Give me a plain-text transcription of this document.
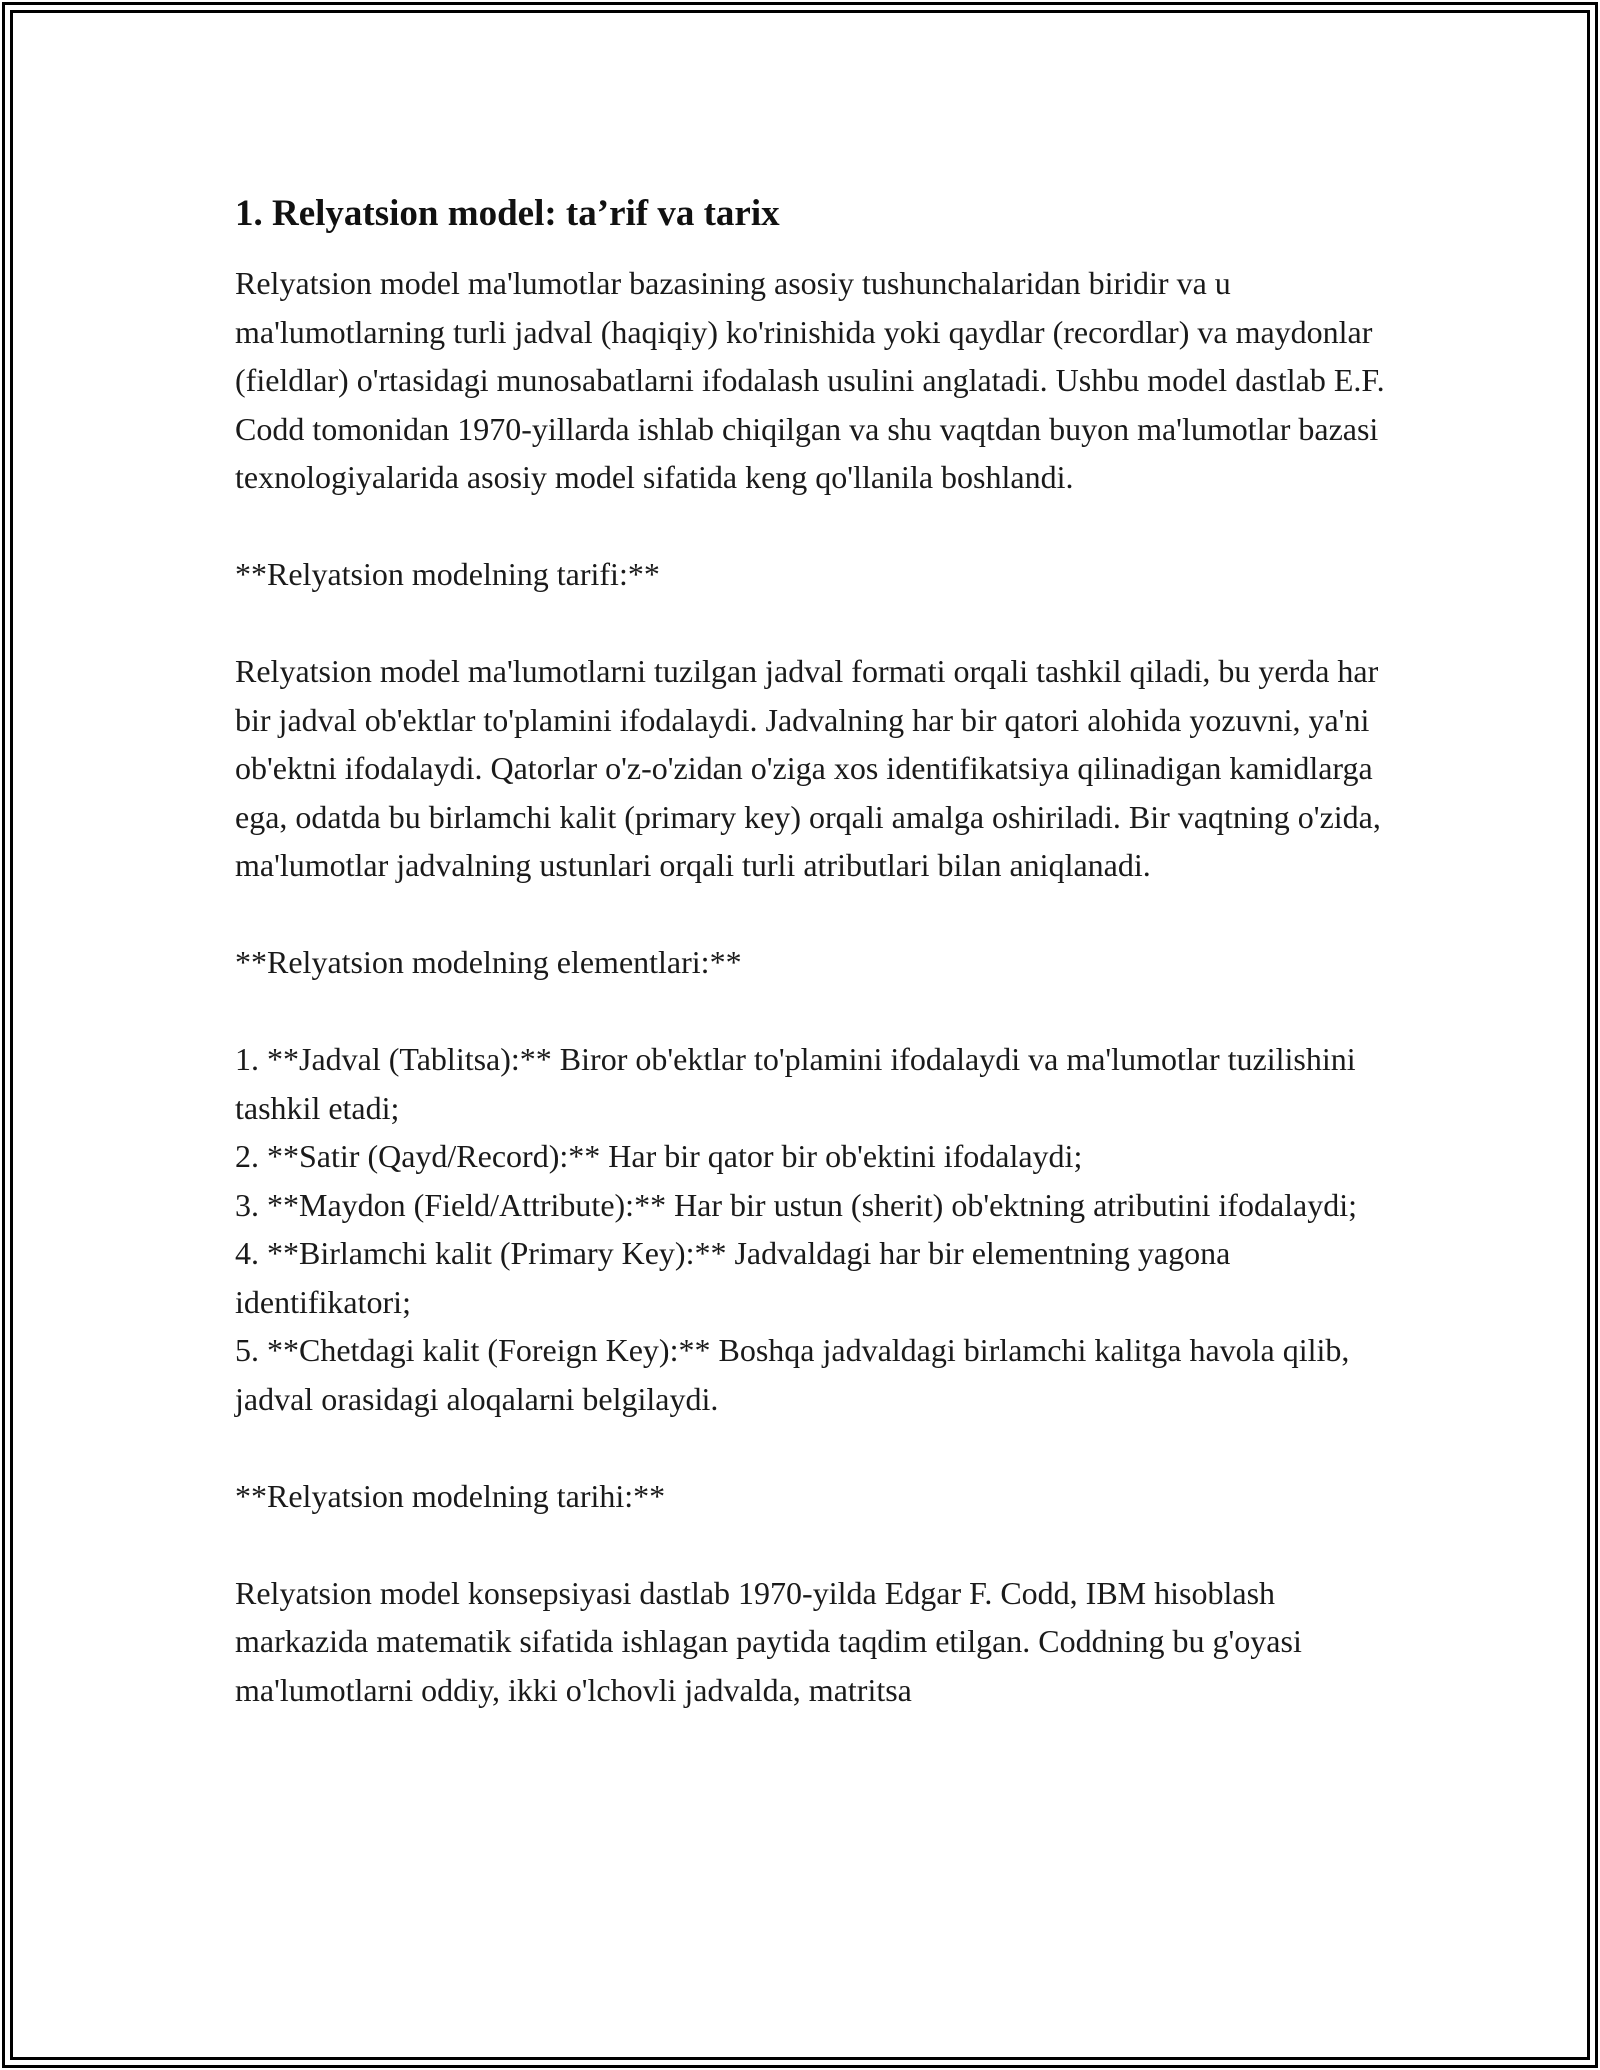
1. Relyatsion model: ta’rif va tarix
Relyatsion model ma'lumotlar bazasining asosiy tushunchalaridan biridir va u ma'lumotlarning turli jadval (haqiqiy) ko'rinishida yoki qaydlar (recordlar) va maydonlar (fieldlar) o'rtasidagi munosabatlarni ifodalash usulini anglatadi. Ushbu model dastlab E.F. Codd tomonidan 1970-yillarda ishlab chiqilgan va shu vaqtdan buyon ma'lumotlar bazasi texnologiyalarida asosiy model sifatida keng qo'llanila boshlandi.

**Relyatsion modelning tarifi:**

Relyatsion model ma'lumotlarni tuzilgan jadval formati orqali tashkil qiladi, bu yerda har bir jadval ob'ektlar to'plamini ifodalaydi. Jadvalning har bir qatori alohida yozuvni, ya'ni ob'ektni ifodalaydi. Qatorlar o'z-o'zidan o'ziga xos identifikatsiya qilinadigan kamidlarga ega, odatda bu birlamchi kalit (primary key) orqali amalga oshiriladi. Bir vaqtning o'zida, ma'lumotlar jadvalning ustunlari orqali turli atributlari bilan aniqlanadi.

**Relyatsion modelning elementlari:**

1. **Jadval (Tablitsa):** Biror ob'ektlar to'plamini ifodalaydi va ma'lumotlar tuzilishini tashkil etadi;
2. **Satir (Qayd/Record):** Har bir qator bir ob'ektini ifodalaydi;
3. **Maydon (Field/Attribute):** Har bir ustun (sherit) ob'ektning atributini ifodalaydi;
4. **Birlamchi kalit (Primary Key):** Jadvaldagi har bir elementning yagona identifikatori;
5. **Chetdagi kalit (Foreign Key):** Boshqa jadvaldagi birlamchi kalitga havola qilib, jadval orasidagi aloqalarni belgilaydi.

**Relyatsion modelning tarihi:**

Relyatsion model konsepsiyasi dastlab 1970-yilda Edgar F. Codd, IBM hisoblash markazida matematik sifatida ishlagan paytida taqdim etilgan. Coddning bu g'oyasi ma'lumotlarni oddiy, ikki o'lchovli jadvalda, matritsa
